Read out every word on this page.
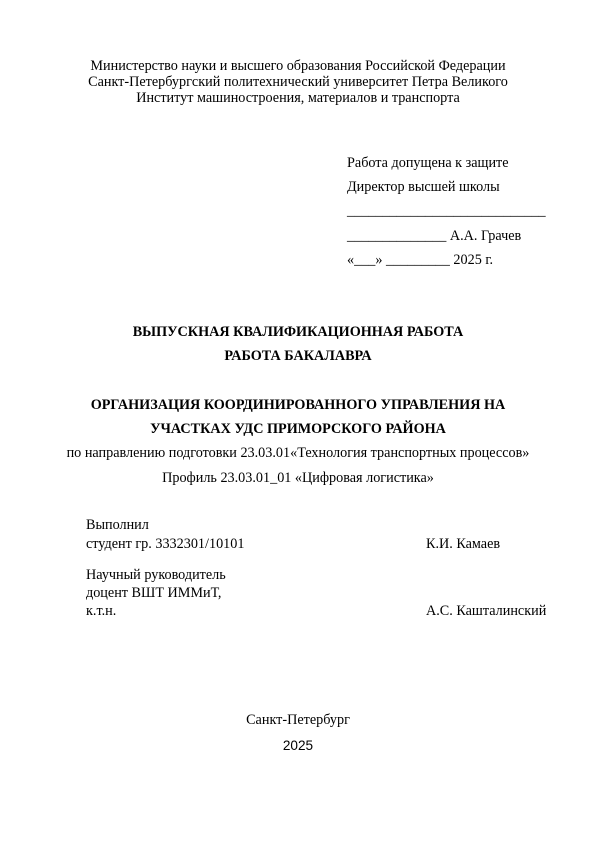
Министерство науки и высшего образования Российской Федерации
Санкт-Петербургский политехнический университет Петра Великого
Институт машиностроения, материалов и транспорта
Работа допущена к защите
Директор высшей школы
____________________________
______________ А.А. Грачев
«___» _________ 2025 г.
ВЫПУСКНАЯ КВАЛИФИКАЦИОННАЯ РАБОТА
РАБОТА БАКАЛАВРА
ОРГАНИЗАЦИЯ КООРДИНИРОВАННОГО УПРАВЛЕНИЯ НА
УЧАСТКАХ УДС ПРИМОРСКОГО РАЙОНА
по направлению подготовки 23.03.01«Технология транспортных процессов»
Профиль 23.03.01_01 «Цифровая логистика»
Выполнил
студент гр. 3332301/10101	К.И. Камаев
Научный руководитель
доцент ВШТ ИММиТ,
к.т.н.	А.С. Кашталинский
Санкт-Петербург
2025
